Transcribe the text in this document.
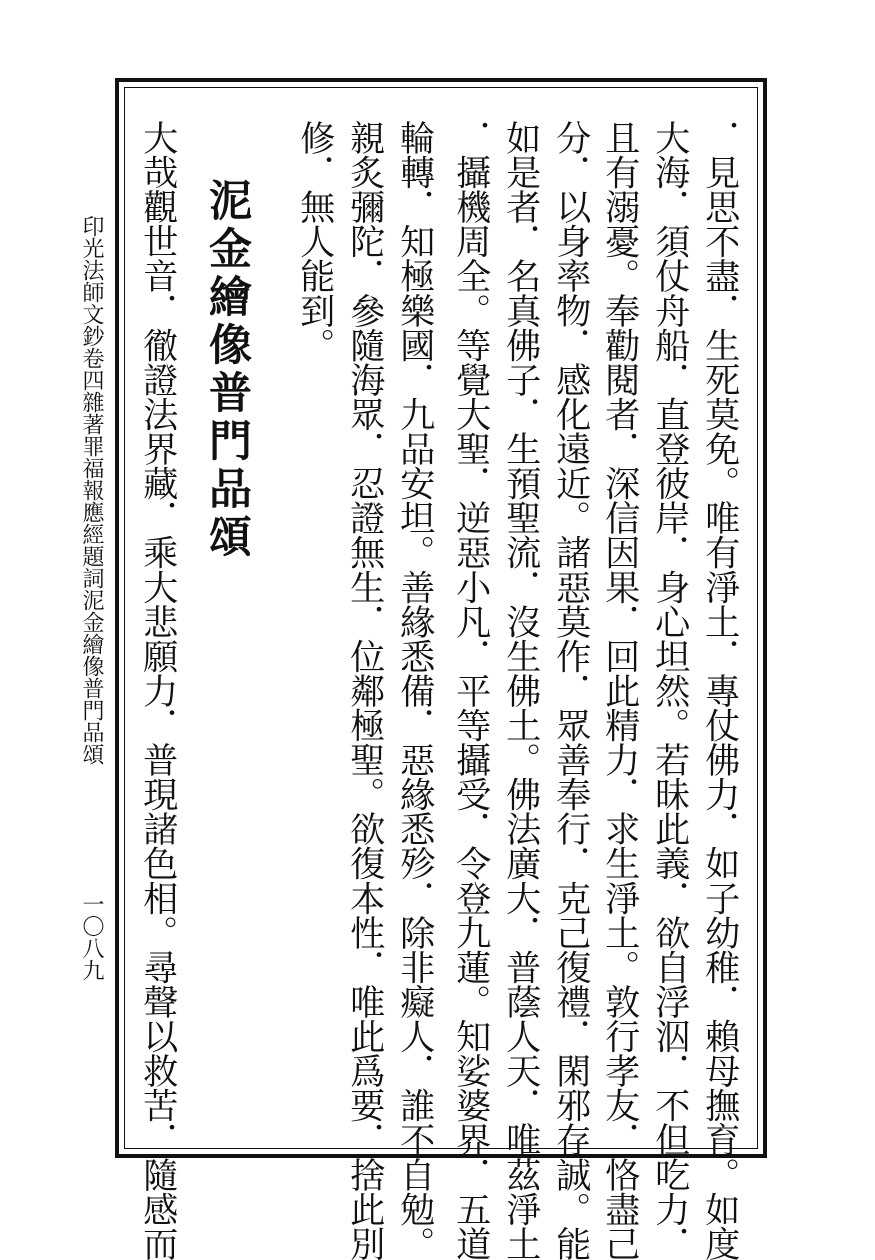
印光法師文鈔卷四雜著罪福報應經題詞泥金繪像普門品頌
一〇八九	．見思不盡．生死莫免。唯有淨土．專仗佛力．如子幼稚．賴母撫育。如度
大海．須仗舟船．直登彼岸．身心坦然。若昧此義．欲自浮泅．不但吃力．
且有溺憂。奉勸閱者．深信因果．回此精力．求生淨土。敦行孝友．恪盡己
分．以身率物．感化遠近。諸惡莫作．眾善奉行．克己復禮．閑邪存誠。能
如是者．名真佛子．生預聖流．沒生佛土。佛法廣大．普蔭人天．唯茲淨土
．攝機周全。等覺大聖．逆惡小凡．平等攝受．令登九蓮。知娑婆界．五道
輪轉．知極樂國．九品安坦。善緣悉備．惡緣悉殄．除非癡人．誰不自勉。
親炙彌陀．參隨海眾．忍證無生．位鄰極聖。欲復本性．唯此爲要．捨此別
修．無人能到。
泥金繪像普門品頌
大哉觀世音．徹證法界藏．乘大悲願力．普現諸色相。尋聲以救苦．隨感而
